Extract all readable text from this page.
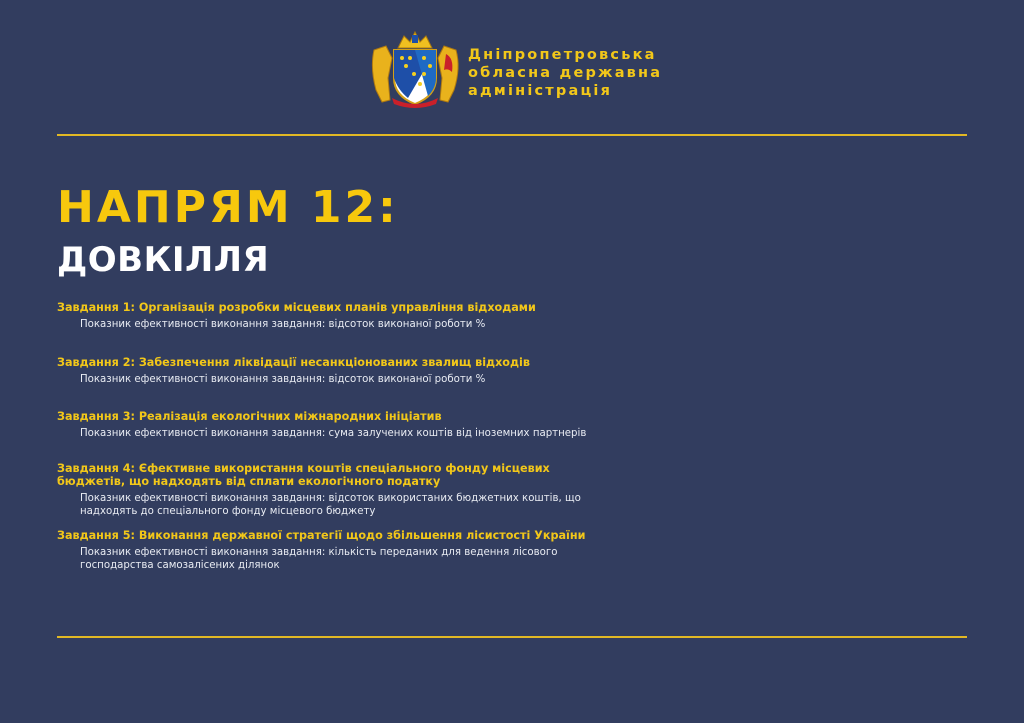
Дніпропетровська
обласна державна
адміністрація
НАПРЯМ 12:
ДОВКІЛЛЯ
Завдання 1: Організація розробки місцевих планів управління відходами
Показник ефективності виконання завдання: відсоток виконаної роботи %
Завдання 2: Забезпечення ліквідації несанкціонованих звалищ відходів
Показник ефективності виконання завдання: відсоток виконаної роботи %
Завдання 3: Реалізація екологічних міжнародних ініціатив
Показник ефективності виконання завдання: сума залучених коштів від іноземних партнерів
Завдання 4: Єфективне використання коштів спеціального фонду місцевих бюджетів, що надходять від сплати екологічного податку
Показник ефективності виконання завдання: відсоток використаних бюджетних коштів, що надходять до спеціального фонду місцевого бюджету
Завдання 5: Виконання державної стратегії щодо збільшення лісистості України
Показник ефективності виконання завдання: кількість переданих для ведення лісового господарства самозалісених ділянок
